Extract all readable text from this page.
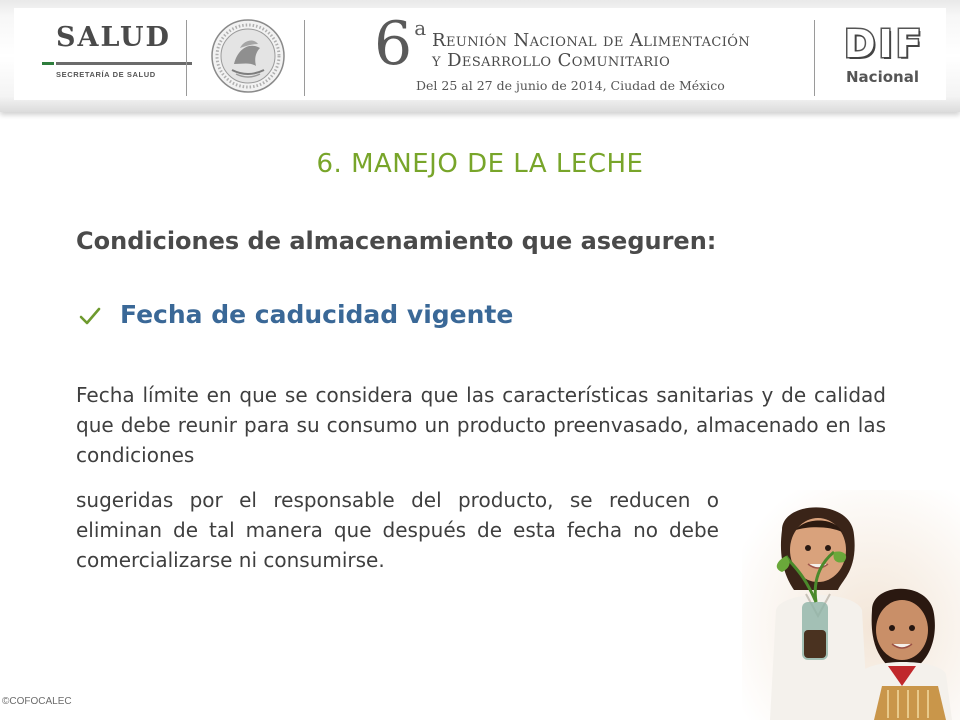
SALUD
SECRETARÍA DE SALUD	6 $^a$
Reunión Nacional de Alimentación
y Desarrollo Comunitario
Del 25 al 27 de junio de 2014, Ciudad de México
DIF
Nacional
6. MANEJO DE LA LECHE
Condiciones de almacenamiento que aseguren:
Fecha de caducidad vigente
Fecha límite en que se considera que las características sanitarias y de calidad que debe reunir para su consumo un producto preenvasado, almacenado en las condiciones
sugeridas por el responsable del producto, se reducen o eliminan de tal manera que después de esta fecha no debe comercializarse ni consumirse.
©COFOCALEC
